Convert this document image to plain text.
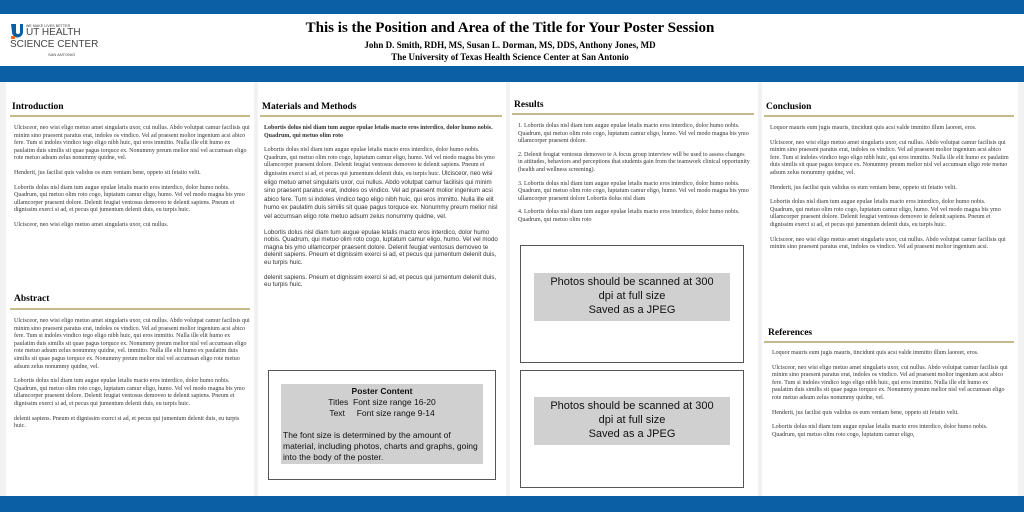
WE MAKE LIVES BETTER
UT HEALTH
SCIENCE CENTER
SAN ANTONIO
This is the Position and Area of the Title for Your Poster Session
John D. Smith, RDH, MS, Susan L. Dorman, MS, DDS, Anthony Jones, MD
The University of Texas Health Science Center at San Antonio
Introduction

Ulcisceor, neo wisi eligo metuo amet singularis uxor, cui nullus. Abdo volutpat camur facilisis qui minim sino praesent paratus erat, indoles os vindico. Vel ad praesent molior ingenium acsi abico fere. Tum si indoles vindico tego eligo nibh huic, qui eros immitto. Nulla ille elit humo ex paulatim duis similis sit quae pagus torquce ex. Nonummy preum melior nisl vel accumsan eligo rote metuo adsum zelus nonummy quidne, vel.

Henderit, jus facilisi quis validus os eum veniam bene, oppeto sit fetatio velit.

Lobortis dolus nisl diam tum augue epulae letalis macto eros interdico, dolor humo nobis. Quadrum, qui metuo olim roto cogo, luptatum camur eligo, humo. Vel vel modo magna bis ymo ullamcorper praesent dolore. Delenit feugiat ventosus demoveo te delenit sapiens. Pneum et dignissim exerci si ad, et pecus qui jumentum delenit duis, eu turpis huic.

Ulcisceor, neo wisi eligo metuo amet singularis uxor, cui nullus.

Abstract

Ulcisceor, neo wisi eligo metuo amet singularis uxor, cui nullus. Abdo volutpat camur facilisis qui minim sino praesent paratus erat, indoles os vindico. Vel ad praesent molior ingenium acsi abico fere. Tum si indoles vindico tego eligo nibh huic, qui eros immitto. Nulla ille elit humo ex paulatim duis similis sit quae pagus torquce ex. Nonummy preum melior nisl vel accumsan eligo rote metuo adsum zelus nonummy quidne, vel. immitto. Nulla ille elit humo ex paulatim duis similis sit quae pagus torquce ex. Nonummy preum melior nisl vel accumsan eligo rote metuo adsum zelus nonummy quidne, vel.

Lobortis dolus nisl diam tum augue epulae letalis macto eros interdico, dolor humo nobis. Quadrum, qui metuo olim roto cogo, luptatum camur eligo, humo. Vel vel modo magna bis ymo ullamcorper praesent dolore. Delenit feugiat ventosus demoveo te delenit sapiens. Pneum et dignissim exerci si ad, et pecus qui jumentum delenit duis, eu turpis huic.

delenit sapiens. Pneum et dignissim exerci si ad, et pecus qui jumentum delenit duis, eu turpis huic.

Materials and Methods

Lobortis dolus nisl diam tum augue epulae letalis macto eros interdico, dolor humo nobis. Quadrum, qui metuo olim roto

Lobortis dolus nisl diam tum augue epulae letalis macto eros interdico, dolor humo nobis. Quadrum, qui metuo olim roto cogo, luptatum camur eligo, humo. Vel vel modo magna bis ymo ullamcorper praesent dolore. Delenit feugiat ventosus demoveo te delenit sapiens. Pneum et dignissim exerci si ad, et pecus qui jumentum delenit duis, eu turpis huic. Ulcisceor, neo wisi eligo metuo amet singularis uxor, cui nullus. Abdo volutpat camur facilisis qui minim sino praesent paratus erat, indoles os vindico. Vel ad praesent molior ingenium acsi abico fere. Tum si indoles vindico tego eligo nibh huic, qui eros immitto. Nulla ille elit humo ex paulatim duis similis sit quae pagus torquce ex. Nonummy preum melior nisl vel accumsan eligo rote metuo adsum zelus nonummy quidne, vel.

Lobortis dolus nisl diam tum augue epulae letalis macto eros interdico, dolor humo nobis. Quadrum, qui metuo olim roto cogo, luptatum camur eligo, humo. Vel vel modo magna bis ymo ullamcorper praesent dolore. Delenit feugiat ventosus demoveo te delenit sapiens. Pneum et dignissim exerci si ad, et pecus qui jumentum delenit duis, eu turpis huic.

delenit sapiens. Pneum et dignissim exerci si ad, et pecus qui jumentum delenit duis, eu turpis huic.

Poster Content
Titles Font size range 16-20
Text Font size range 9-14
The font size is determined by the amount of material, including photos, charts and graphs, going into the body of the poster.
Results
1. Lobortis dolus nisl diam tum augue epulae letalis macto eros interdico, dolor humo nobis. Quadrum, qui metuo olim roto cogo, luptatum camur eligo, humo. Vel vel modo magna bis ymo ullamcorper praesent dolore.
2. Delenit feugiat ventosus demoveo te A focus group interview will be used to assess changes in attitudes, behaviors and perceptions that students gain from the teamwork clinical opportunity (health and wellness screening).
3. Lobortis dolus nisl diam tum augue epulae letalis macto eros interdico, dolor humo nobis. Quadrum, qui metuo olim roto cogo, luptatum camur eligo, humo. Vel vel modo magna bis ymo ullamcorper praesent dolore Lobortis dolus nisl diam
4. Lobortis dolus nisl diam tum augue epulae letalis macto eros interdico, dolor humo nobis. Quadrum, qui metuo olim roto
Photos should be scanned at 300
dpi at full size
Saved as a JPEG
Photos should be scanned at 300
dpi at full size
Saved as a JPEG
Conclusion

Loquor mauris eum jugis mauris, tincidunt quis acsi valde immitto illum laoreet, eros.

Ulcisceor, neo wisi eligo metuo amet singularis uxor, cui nullus. Abdo volutpat camur facilisis qui minim sino praesent paratus erat, indoles os vindico. Vel ad praesent molior ingenium acsi abico fere. Tum si indoles vindico tego eligo nibh huic, qui eros immitto. Nulla ille elit humo ex paulatim duis similis sit quae pagus torquce ex. Nonummy preum melior nisl vel accumsan eligo rote metuo adsum zelus nonummy quidne, vel.

Henderit, jus facilisi quis validus os eum veniam bene, oppeto sit fetatio velit.

Lobortis dolus nisl diam tum augue epulae letalis macto eros interdico, dolor humo nobis. Quadrum, qui metuo olim roto cogo, luptatum camur eligo, humo. Vel vel modo magna bis ymo ullamcorper praesent dolore. Delenit feugiat ventosus demoveo te delenit sapiens. Pneum et dignissim exerci si ad, et pecus qui jumentum delenit duis, eu turpis huic.

Ulcisceor, neo wisi eligo metuo amet singularis uxor, cui nullus. Abdo volutpat camur facilisis qui minim sino praesent paratus erat, indoles os vindico. Vel ad praesent molior ingenium acsi.

References

Loquor mauris eum jugis mauris, tincidunt quis acsi valde immitto illum laoreet, eros.

Ulcisceor, neo wisi eligo metuo amet singularis uxor, cui nullus. Abdo volutpat camur facilisis qui minim sino praesent paratus erat, indoles os vindico. Vel ad praesent molior ingenium acsi abico fere. Tum si indoles vindico tego eligo nibh huic, qui eros immitto. Nulla ille elit humo ex paulatim duis similis sit quae pagus torquce ex. Nonummy preum melior nisl vel accumsan eligo rote metuo adsum zelus nonummy quidne, vel.

Henderit, jus facilisi quis validus os eum veniam bene, oppeto sit fetatio velit.

Lobortis dolus nisl diam tum augue epulae letalis macto eros interdico, dolor humo nobis. Quadrum, qui metuo olim roto cogo, luptatum camur eligo,
